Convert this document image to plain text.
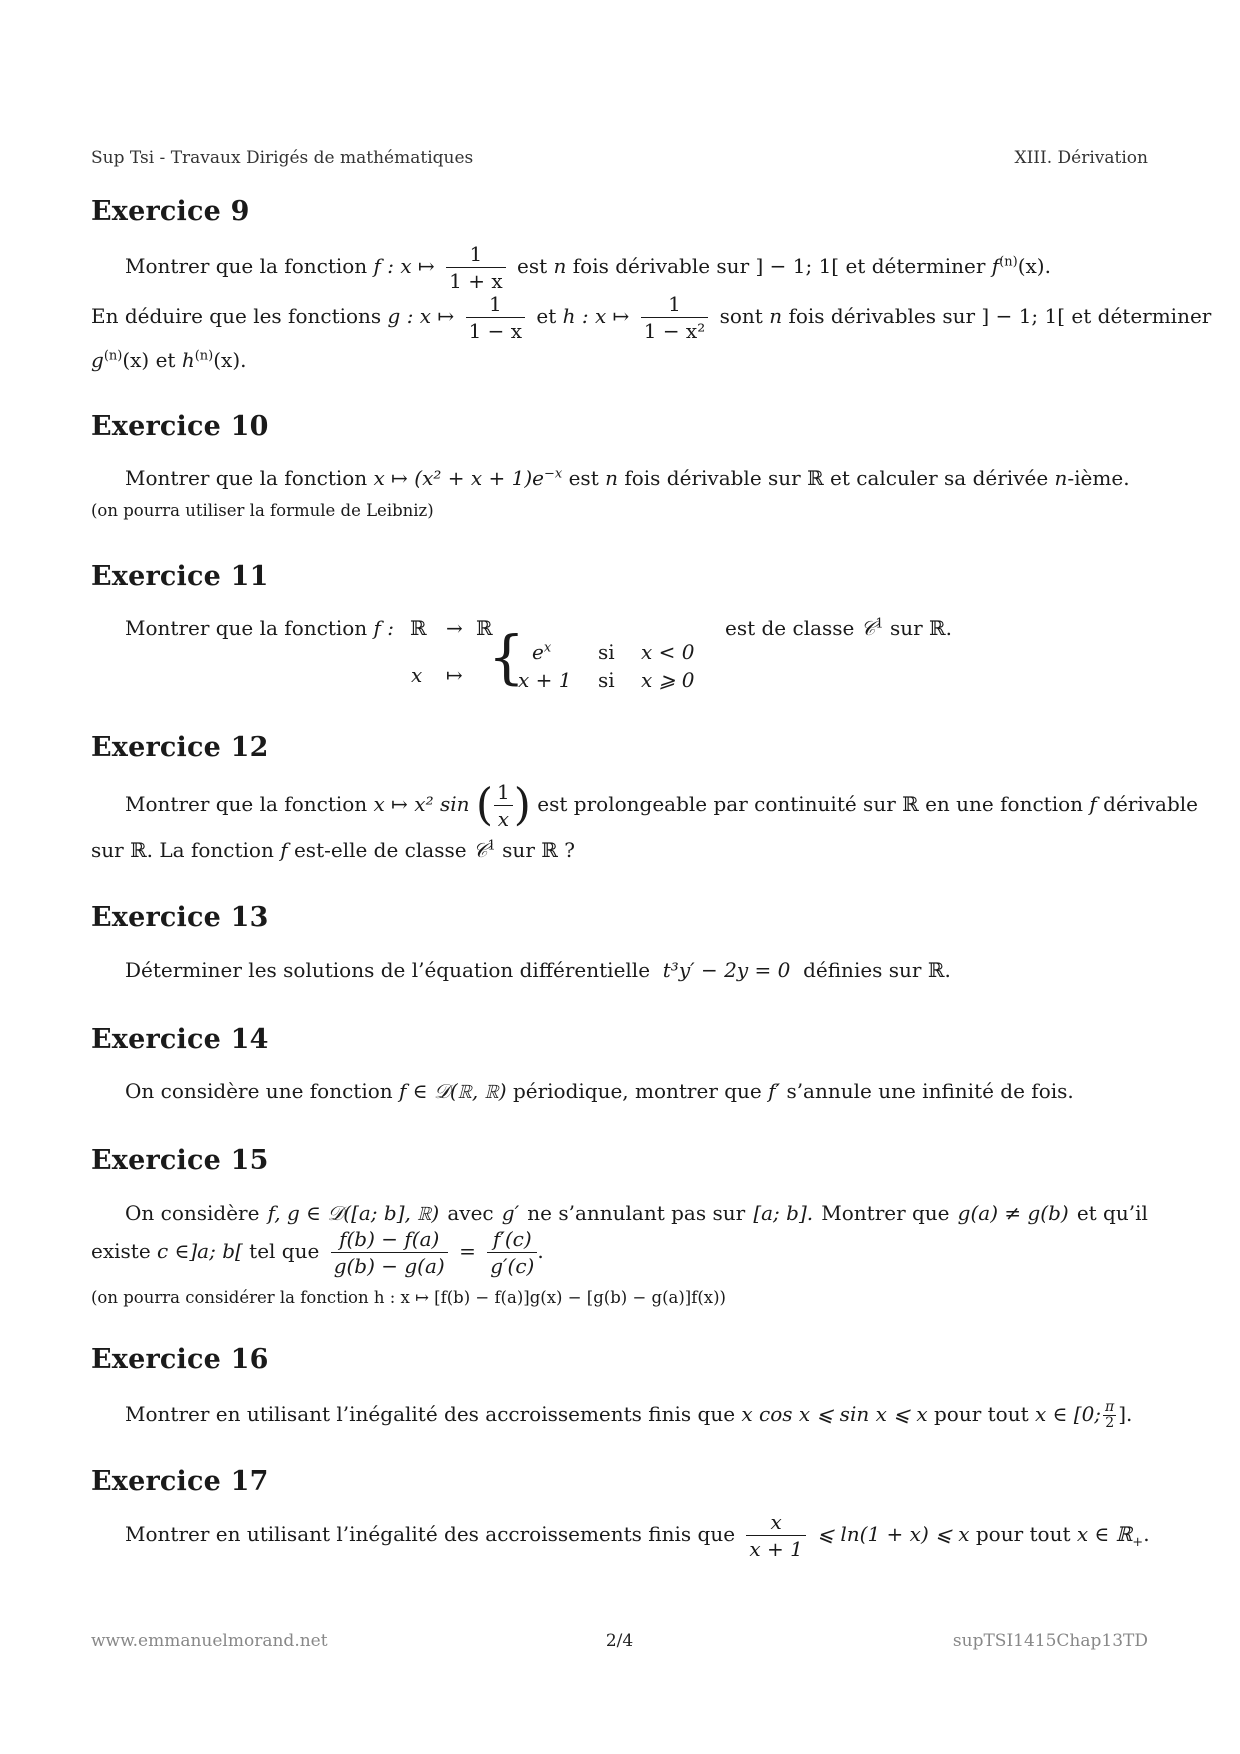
Sup Tsi - Travaux Dirigés de mathématiques	XIII. Dérivation
Exercice 9
Montrer que la fonction f : x ↦ $\frac{1}{1 + x}$ est n fois dérivable sur ] − 1; 1[ et déterminer $f^{(n)}(x)$.
En déduire que les fonctions g : x ↦ $\frac{1}{1 - x}$ et h : x ↦ $\frac{1}{\text{1 − x²}}$ sont n fois dérivables sur ] − 1; 1[ et déterminer
$g^{(n)}(x)$ et $h^{(n)}(x)$.
Exercice 10
Montrer que la fonction x ↦ $(x^2 + x + 1)e^{-x}$ est n fois dérivable sur ℝ et calculer sa dérivée n-ième.
(on pourra utiliser la formule de Leibniz)
Exercice 11
Montrer que la fonction f : ℝ → ℝ
x ↦ { $e^x$ si x < 0
x + 1 si x ⩾ 0
est de classe 𝒞$^1$ sur ℝ.
Exercice 12
Montrer que la fonction x ↦ x² sin ( $\frac{1}{x}$ ) est prolongeable par continuité sur ℝ en une fonction f dérivable
sur ℝ. La fonction f est-elle de classe 𝒞$^1$ sur ℝ ?
Exercice 13
Déterminer les solutions de l’équation différentielle t³y′ − 2y = 0 définies sur ℝ.
Exercice 14
On considère une fonction f ∈ 𝒟(ℝ, ℝ) périodique, montrer que f′ s’annule une infinité de fois.
Exercice 15
On considère f, g ∈ 𝒟([a; b], ℝ) avec g′ ne s’annulant pas sur [a; b]. Montrer que g(a) ≠ g(b) et qu’il
existe c ∈]a; b[ tel que $\frac{f(b) - f(a)}{g(b) - g(a)} = \frac{f'(c)}{g'(c)}$ .
(on pourra considérer la fonction h : x ↦ [f(b) − f(a)]g(x) − [g(b) − g(a)]f(x))
Exercice 16
Montrer en utilisant l’inégalité des accroissements finis que x cos x ⩽ sin x ⩽ x pour tout x ∈ [0; $\frac{\pi}{2}$ ].
Exercice 17
Montrer en utilisant l’inégalité des accroissements finis que $\frac{x}{x + 1}$ ⩽ ln(1 + x) ⩽ x pour tout x ∈ ℝ$_+$.
www.emmanuelmorand.net	2/4	supTSI1415Chap13TD
